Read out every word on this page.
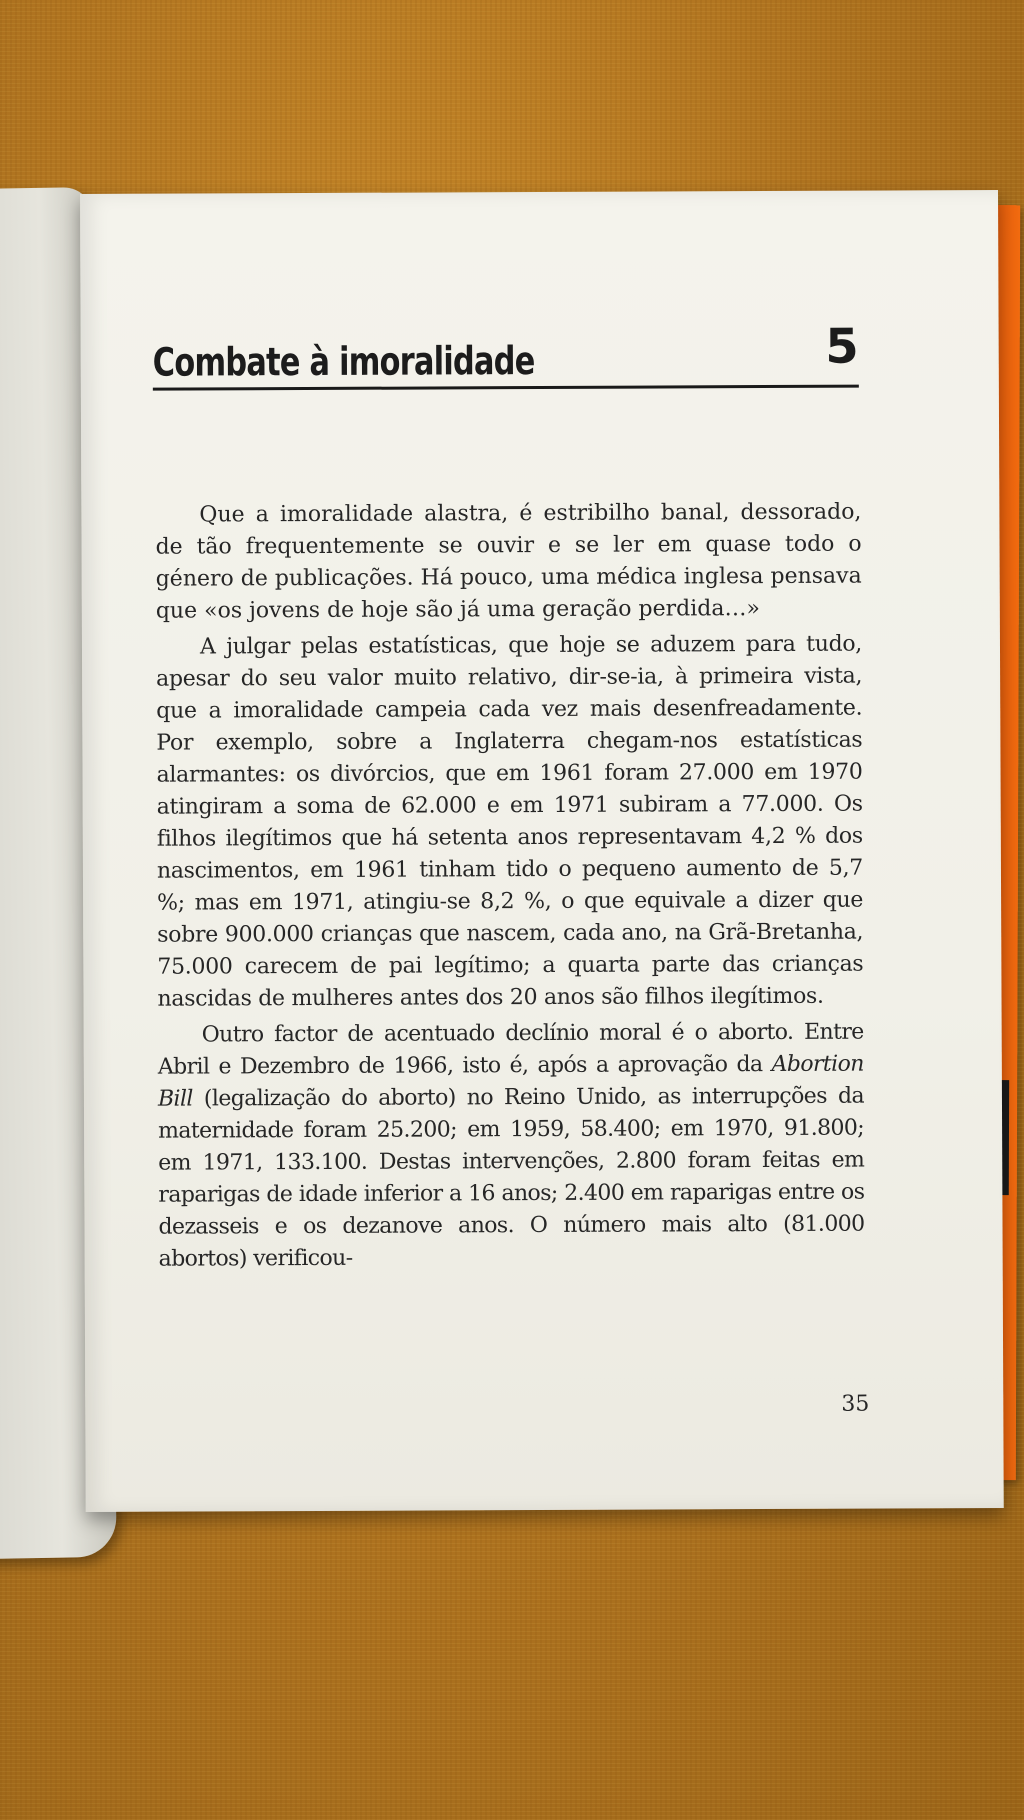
Combate à imoralidade	5

Que a imoralidade alastra, é estribilho banal, dessorado, de tão frequentemente se ouvir e se ler em quase todo o género de publicações. Há pouco, uma médica inglesa pensava que «os jovens de hoje são já uma geração perdida…»

A julgar pelas estatísticas, que hoje se aduzem para tudo, apesar do seu valor muito relativo, dir-se-ia, à primeira vista, que a imoralidade campeia cada vez mais desenfreadamente. Por exemplo, sobre a Inglaterra chegam-nos estatísticas alarmantes: os divórcios, que em 1961 foram 27.000 em 1970 atingiram a soma de 62.000 e em 1971 subiram a 77.000. Os filhos ilegítimos que há setenta anos representavam 4,2 % dos nascimentos, em 1961 tinham tido o pequeno aumento de 5,7 %; mas em 1971, atingiu-se 8,2 %, o que equivale a dizer que sobre 900.000 crianças que nascem, cada ano, na Grã-Bretanha, 75.000 carecem de pai legítimo; a quarta parte das crianças nascidas de mulheres antes dos 20 anos são filhos ilegítimos.

Outro factor de acentuado declínio moral é o aborto. Entre Abril e Dezembro de 1966, isto é, após a aprovação da Abortion Bill (legalização do aborto) no Reino Unido, as interrupções da maternidade foram 25.200; em 1959, 58.400; em 1970, 91.800; em 1971, 133.100. Destas intervenções, 2.800 foram feitas em raparigas de idade inferior a 16 anos; 2.400 em raparigas entre os dezasseis e os dezanove anos. O número mais alto (81.000 abortos) verificou-

35
